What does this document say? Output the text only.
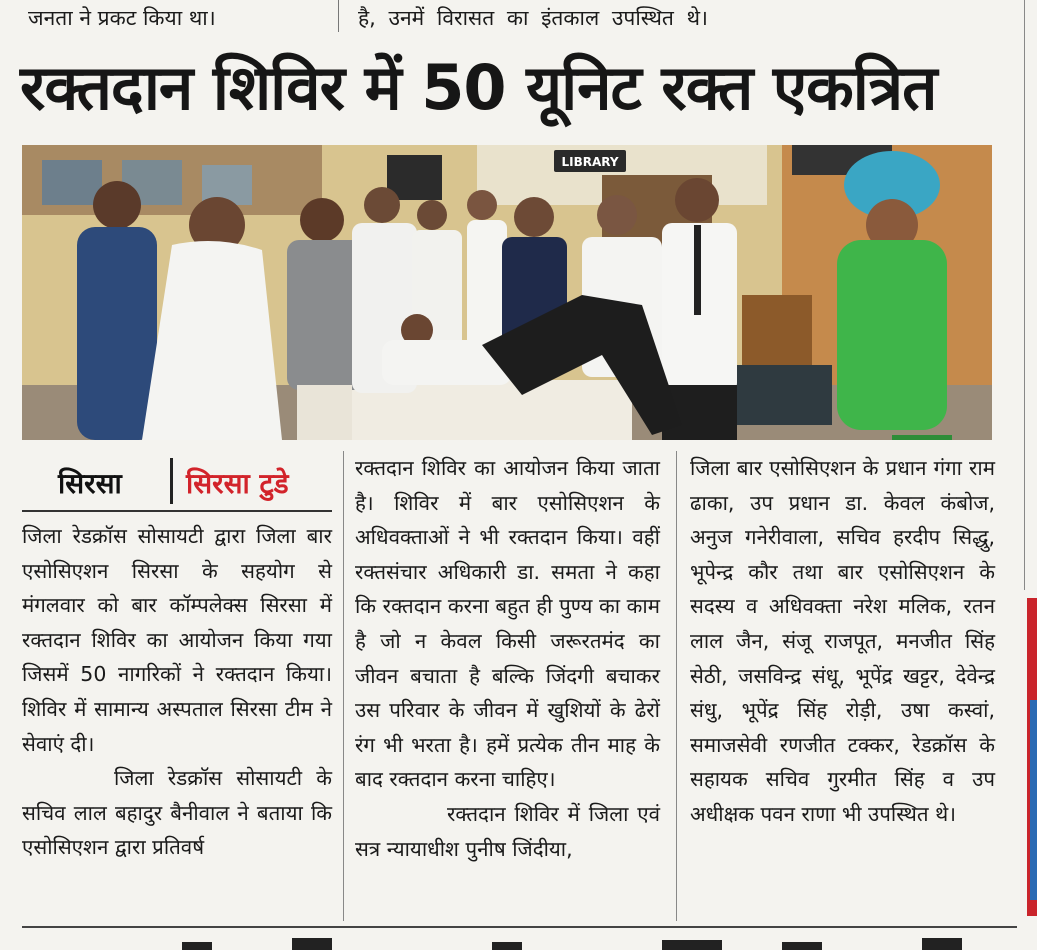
जनता ने प्रकट किया था।	है, उनमें विरासत का इंतकाल उपस्थित थे।
रक्तदान शिविर में 50 यूनिट रक्त एकत्रित
LIBRARY
सिरसा सिरसा टुडे

जिला रेडक्रॉस सोसायटी द्वारा जिला बार एसोसिएशन सिरसा के सहयोग से मंगलवार को बार कॉम्पलेक्स सिरसा में रक्तदान शिविर का आयोजन किया गया जिसमें 50 नागरिकों ने रक्तदान किया। शिविर में सामान्य अस्पताल सिरसा टीम ने सेवाएं दी।

जिला रेडक्रॉस सोसायटी के सचिव लाल बहादुर बैनीवाल ने बताया कि एसोसिएशन द्वारा प्रतिवर्ष

रक्तदान शिविर का आयोजन किया जाता है। शिविर में बार एसोसिएशन के अधिवक्ताओं ने भी रक्तदान किया। वहीं रक्तसंचार अधिकारी डा. समता ने कहा कि रक्तदान करना बहुत ही पुण्य का काम है जो न केवल किसी जरूरतमंद का जीवन बचाता है बल्कि जिंदगी बचाकर उस परिवार के जीवन में खुशियों के ढेरों रंग भी भरता है। हमें प्रत्येक तीन माह के बाद रक्तदान करना चाहिए।

रक्तदान शिविर में जिला एवं सत्र न्यायाधीश पुनीष जिंदीया,

जिला बार एसोसिएशन के प्रधान गंगा राम ढाका, उप प्रधान डा. केवल कंबोज, अनुज गनेरीवाला, सचिव हरदीप सिद्धु, भूपेन्द्र कौर तथा बार एसोसिएशन के सदस्य व अधिवक्ता नरेश मलिक, रतन लाल जैन, संजू राजपूत, मनजीत सिंह सेठी, जसविन्द्र संधू, भूपेंद्र खट्टर, देवेन्द्र संधु, भूपेंद्र सिंह रोड़ी, उषा कस्वां, समाजसेवी रणजीत टक्कर, रेडक्रॉस के सहायक सचिव गुरमीत सिंह व उप अधीक्षक पवन राणा भी उपस्थित थे।
